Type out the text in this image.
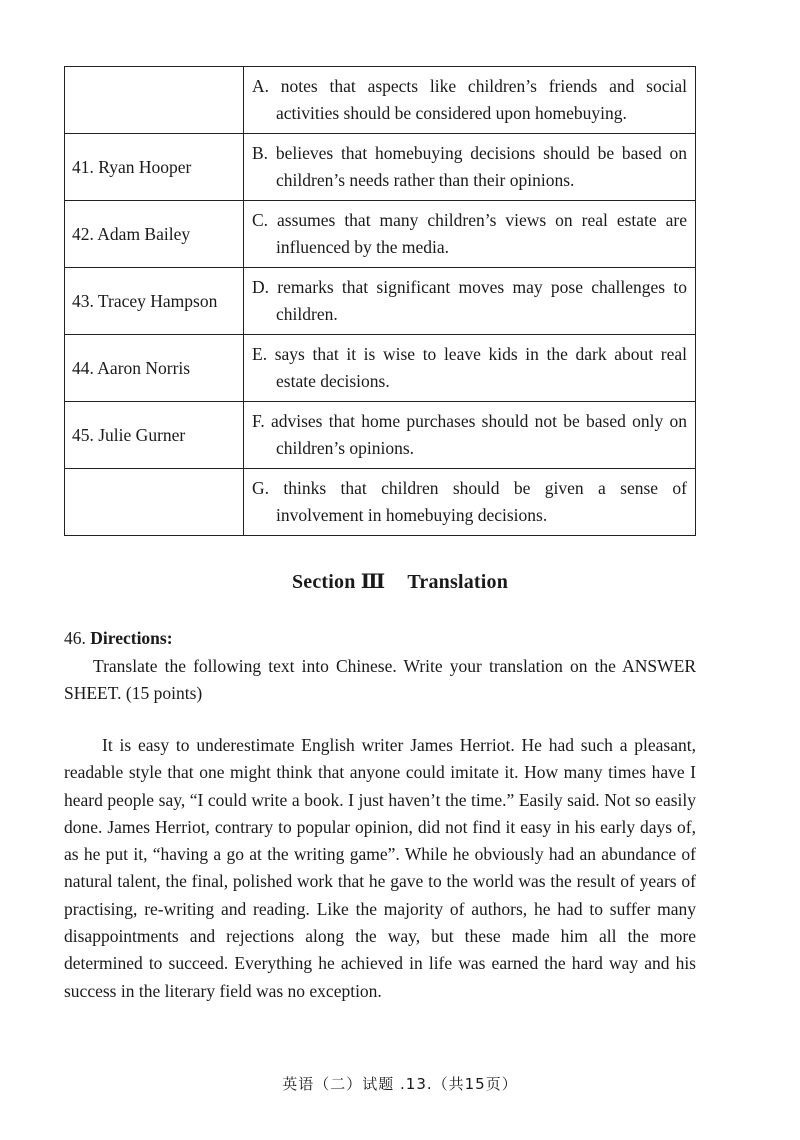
	A. notes that aspects like children’s friends and social activities should be considered upon homebuying.

41. Ryan Hooper	B. believes that homebuying decisions should be based on children’s needs rather than their opinions.

42. Adam Bailey	C. assumes that many children’s views on real estate are influenced by the media.

43. Tracey Hampson	D. remarks that significant moves may pose challenges to children.

44. Aaron Norris	E. says that it is wise to leave kids in the dark about real estate decisions.

45. Julie Gurner	F. advises that home purchases should not be based only on children’s opinions.

	G. thinks that children should be given a sense of involvement in homebuying decisions.
Section Ⅲ Translation
46. Directions:
Translate the following text into Chinese. Write your translation on the ANSWER SHEET. (15 points)
It is easy to underestimate English writer James Herriot. He had such a pleasant, readable style that one might think that anyone could imitate it. How many times have I heard people say, “I could write a book. I just haven’t the time.” Easily said. Not so easily done. James Herriot, contrary to popular opinion, did not find it easy in his early days of, as he put it, “having a go at the writing game”. While he obviously had an abundance of natural talent, the final, polished work that he gave to the world was the result of years of practising, re-writing and reading. Like the majority of authors, he had to suffer many disappointments and rejections along the way, but these made him all the more determined to succeed. Everything he achieved in life was earned the hard way and his success in the literary field was no exception.
英语（二）试题 .13.（共15页）
